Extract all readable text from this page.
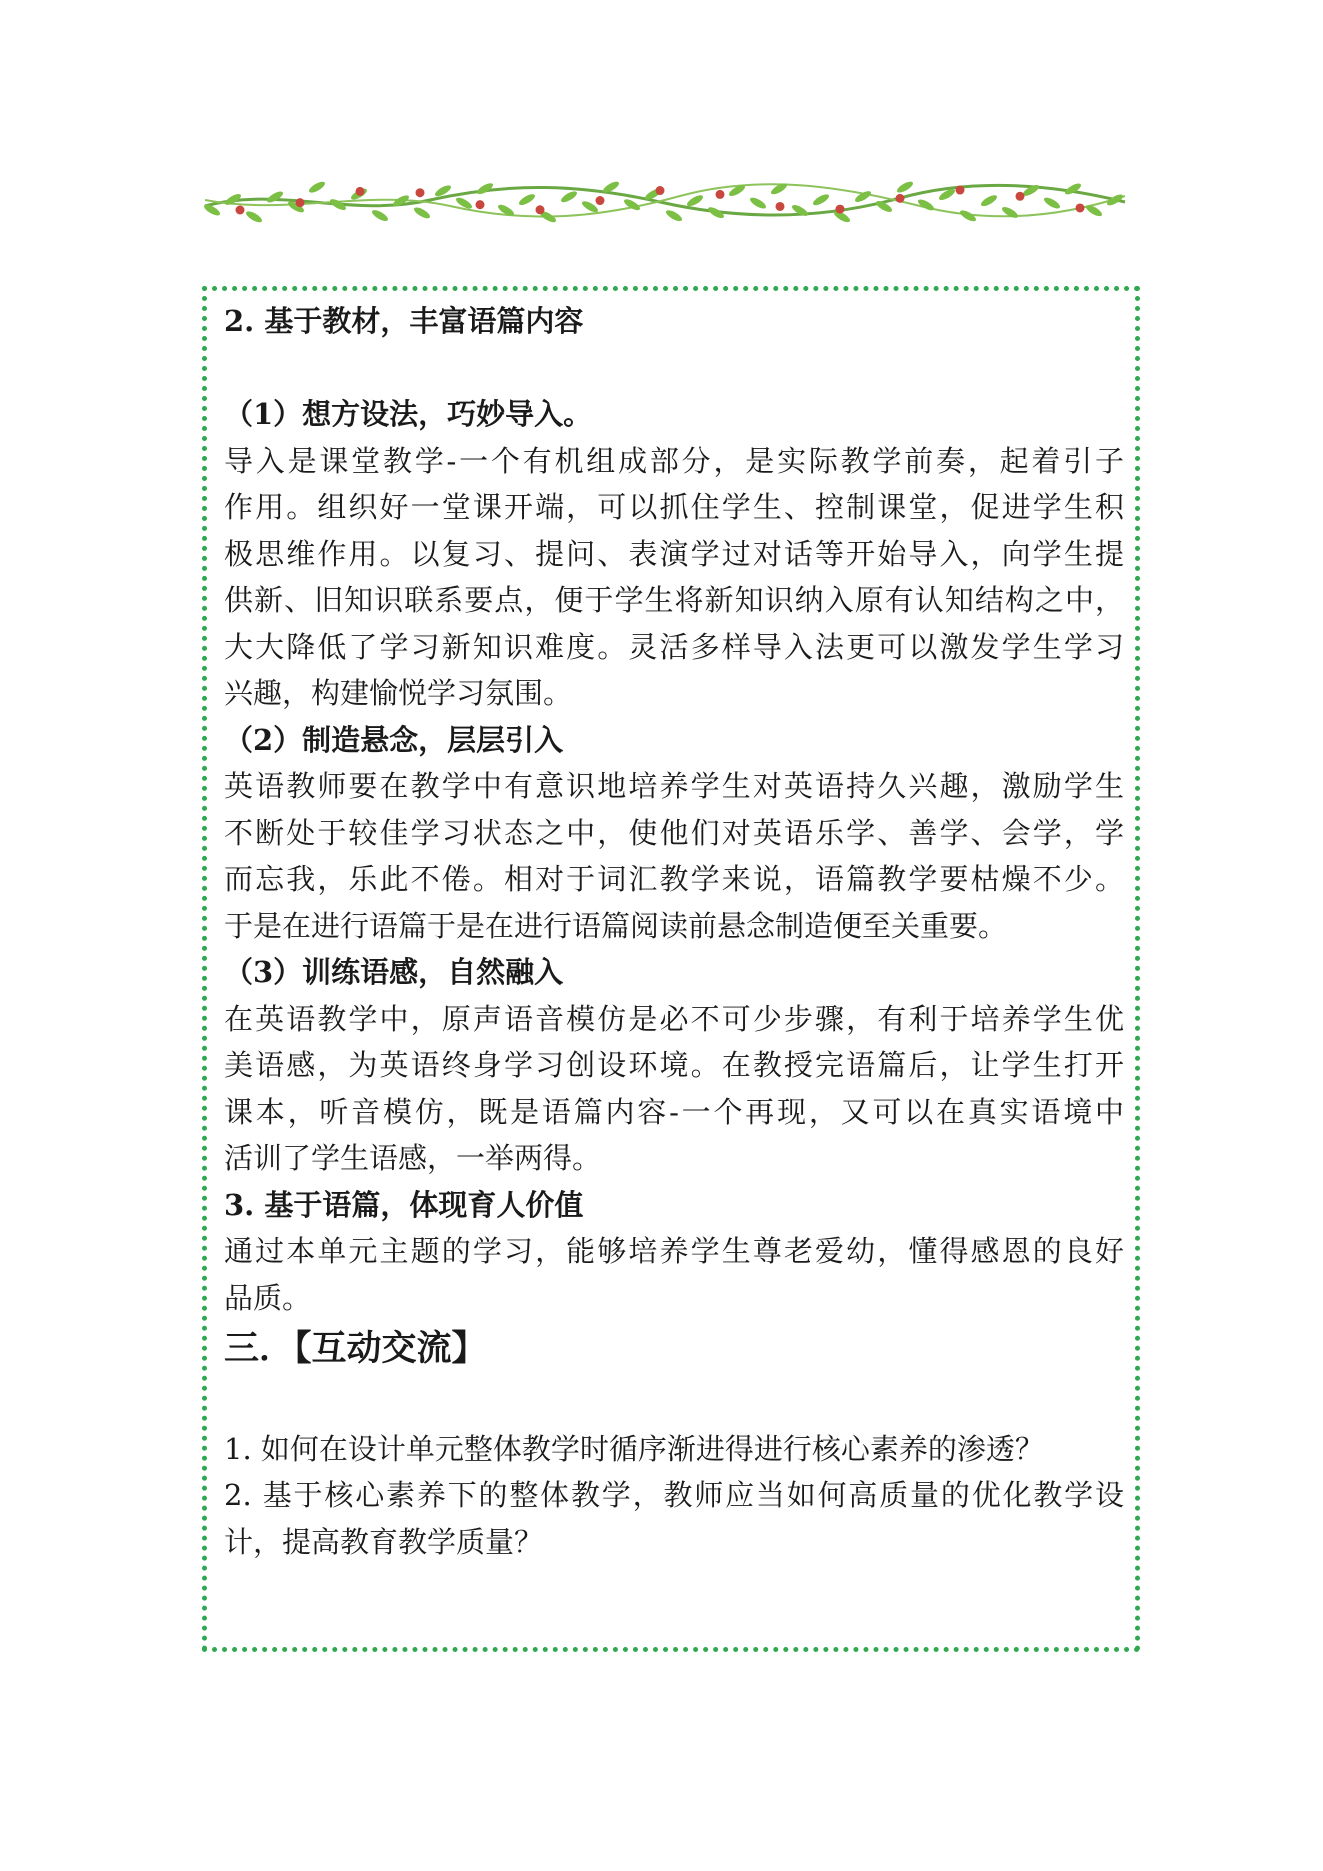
2. 基于教材，丰富语篇内容
（1）想方设法，巧妙导入。
导入是课堂教学-一个有机组成部分，是实际教学前奏，起着引子
作用。组织好一堂课开端，可以抓住学生、控制课堂，促进学生积
极思维作用。以复习、提问、表演学过对话等开始导入，向学生提
供新、旧知识联系要点，便于学生将新知识纳入原有认知结构之中，
大大降低了学习新知识难度。灵活多样导入法更可以激发学生学习
兴趣，构建愉悦学习氛围。
（2）制造悬念，层层引入
英语教师要在教学中有意识地培养学生对英语持久兴趣，激励学生
不断处于较佳学习状态之中，使他们对英语乐学、善学、会学，学
而忘我，乐此不倦。相对于词汇教学来说，语篇教学要枯燥不少。
于是在进行语篇于是在进行语篇阅读前悬念制造便至关重要。
（3）训练语感，自然融入
在英语教学中，原声语音模仿是必不可少步骤，有利于培养学生优
美语感，为英语终身学习创设环境。在教授完语篇后，让学生打开
课本，听音模仿，既是语篇内容-一个再现，又可以在真实语境中
活训了学生语感，一举两得。
3. 基于语篇，体现育人价值
通过本单元主题的学习，能够培养学生尊老爱幼，懂得感恩的良好
品质。
三．【互动交流】
1. 如何在设计单元整体教学时循序渐进得进行核心素养的渗透？
2. 基于核心素养下的整体教学，教师应当如何高质量的优化教学设
计，提高教育教学质量？
